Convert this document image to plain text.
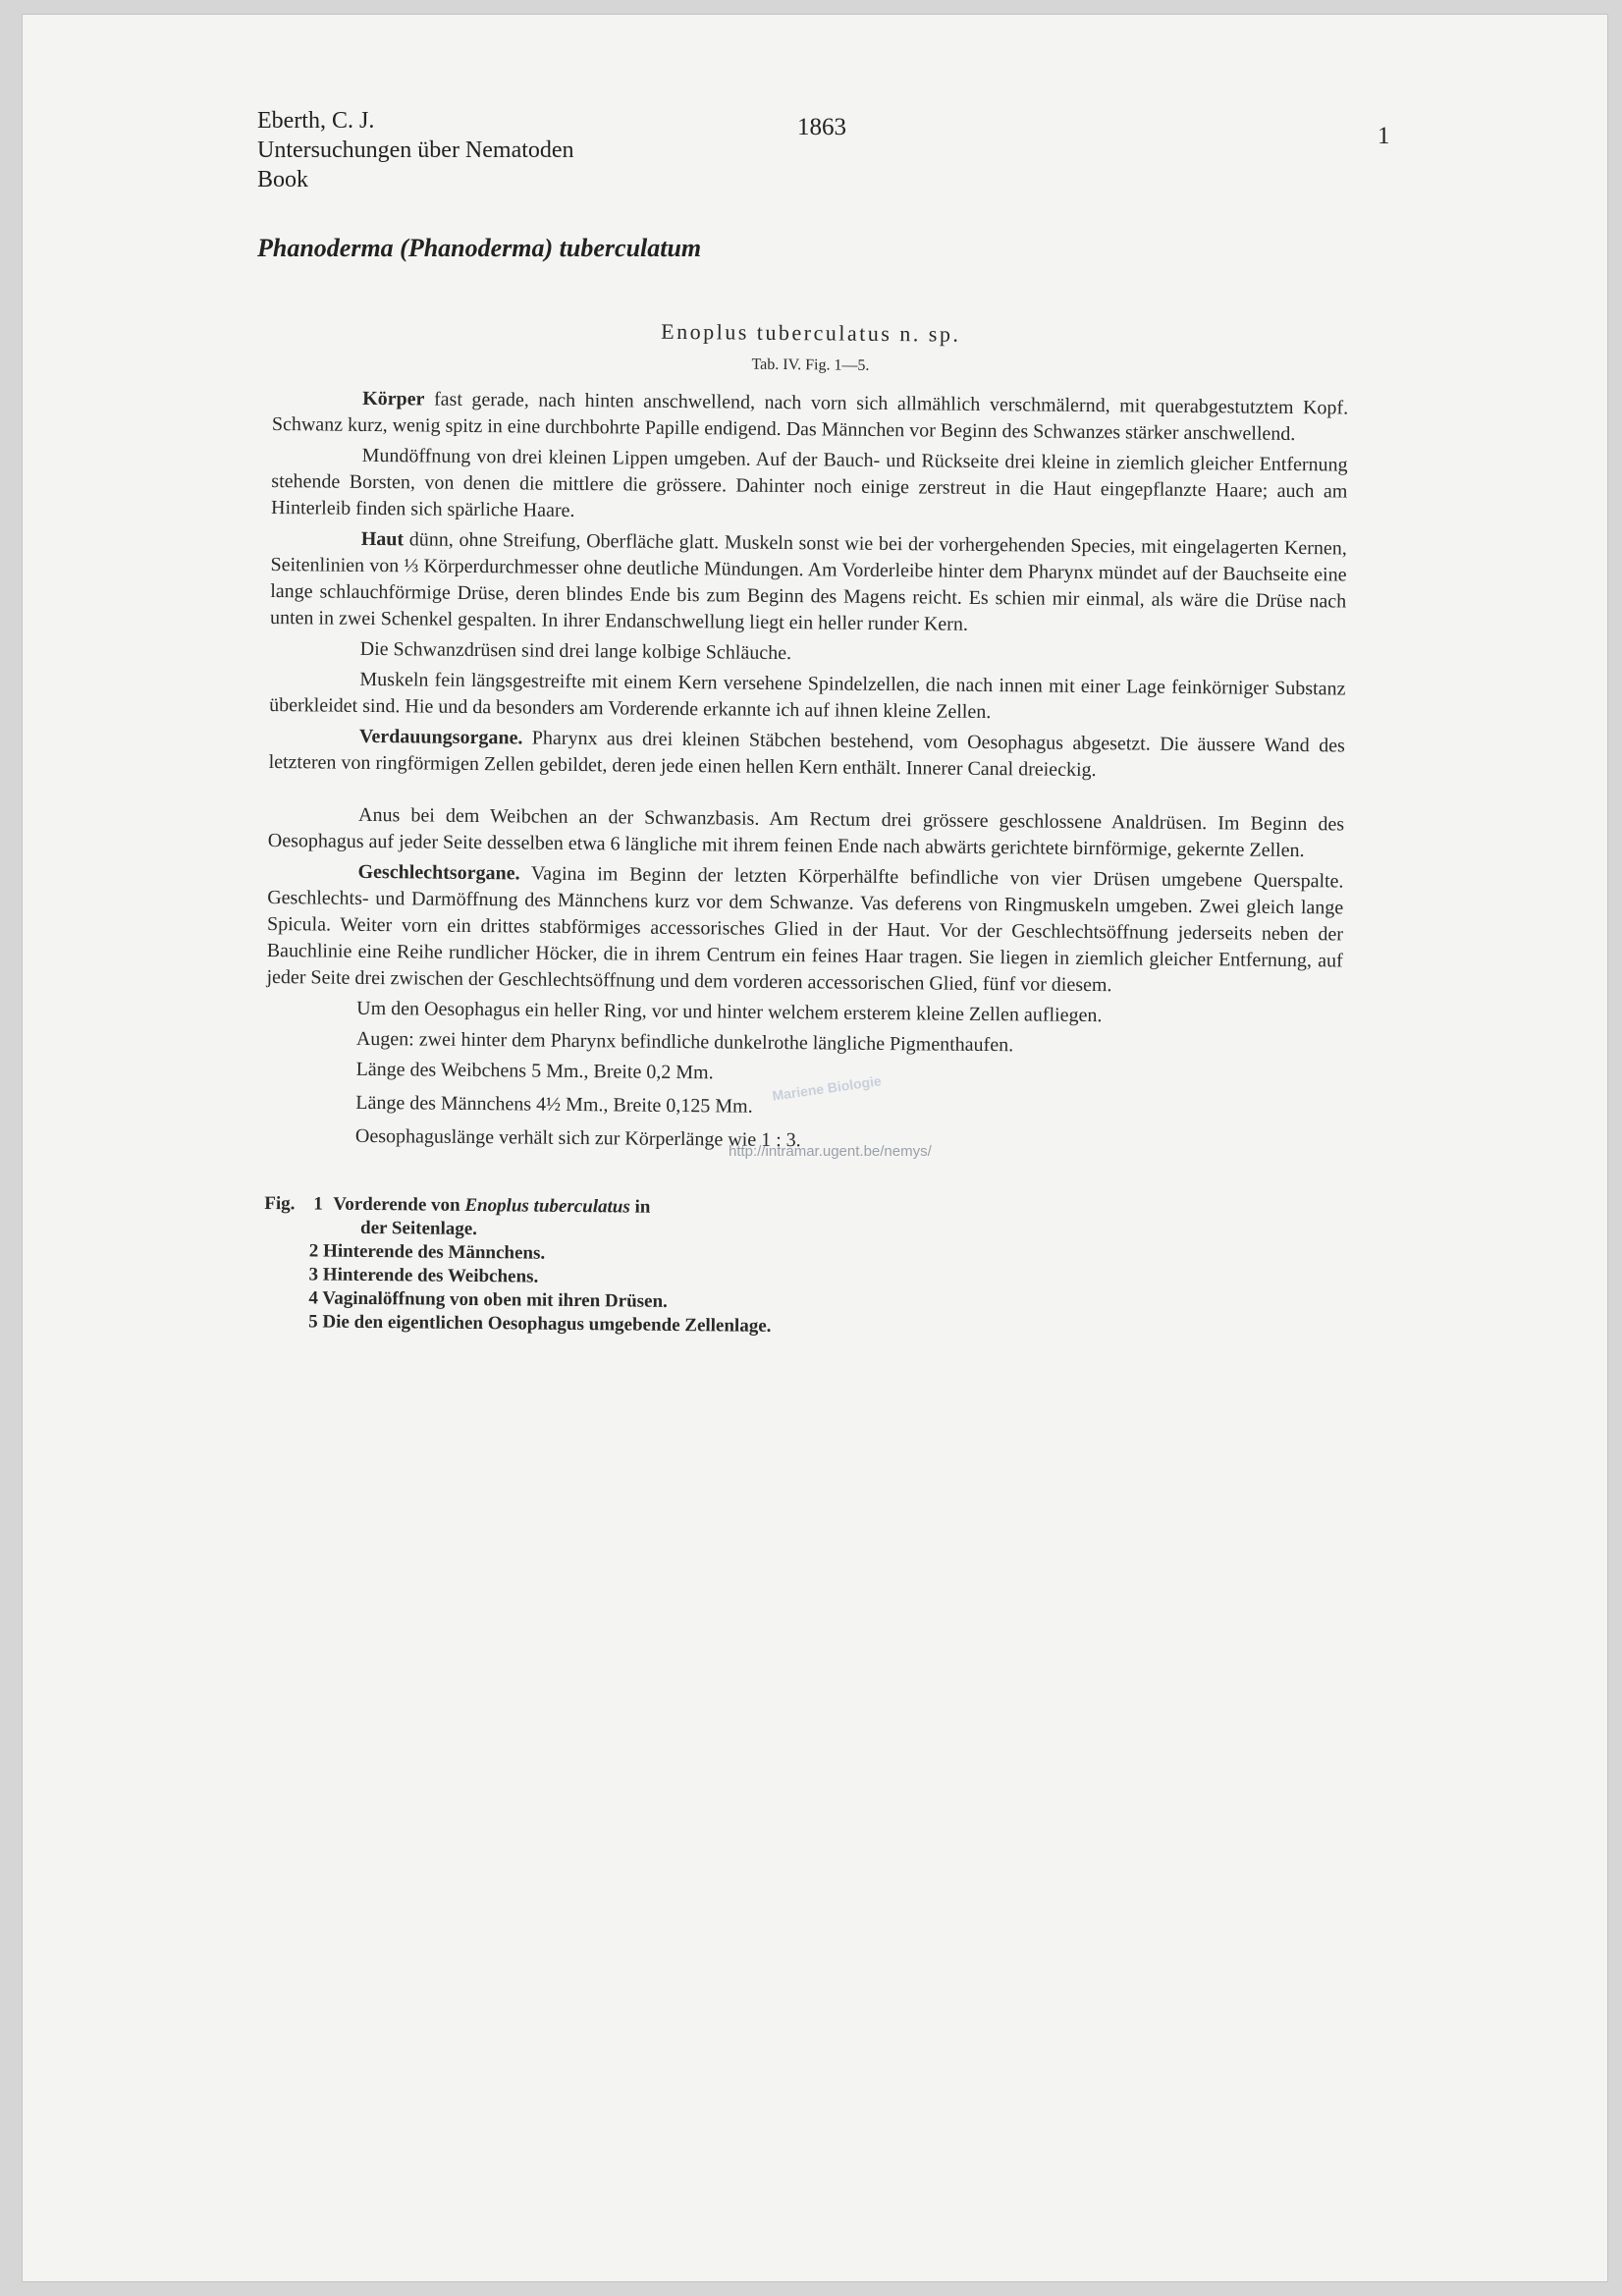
Eberth, C. J.
Untersuchungen über Nematoden
Book
1863	1
Phanoderma (Phanoderma) tuberculatum
Mariene Biologie
http://intramar.ugent.be/nemys/
Enoplus tuberculatus n. sp.
Tab. IV. Fig. 1—5.

Körper fast gerade, nach hinten anschwellend, nach vorn sich allmählich verschmälernd, mit querabgestutztem Kopf. Schwanz kurz, wenig spitz in eine durchbohrte Papille endigend. Das Männchen vor Beginn des Schwanzes stärker anschwellend.

Mundöffnung von drei kleinen Lippen umgeben. Auf der Bauch- und Rückseite drei kleine in ziemlich gleicher Entfernung stehende Borsten, von denen die mittlere die grössere. Dahinter noch einige zerstreut in die Haut eingepflanzte Haare; auch am Hinterleib finden sich spärliche Haare.

Haut dünn, ohne Streifung, Oberfläche glatt. Muskeln sonst wie bei der vorhergehenden Species, mit eingelagerten Kernen, Seitenlinien von ⅓ Körperdurchmesser ohne deutliche Mündungen. Am Vorderleibe hinter dem Pharynx mündet auf der Bauchseite eine lange schlauchförmige Drüse, deren blindes Ende bis zum Beginn des Magens reicht. Es schien mir einmal, als wäre die Drüse nach unten in zwei Schenkel gespalten. In ihrer Endanschwellung liegt ein heller runder Kern.

Die Schwanzdrüsen sind drei lange kolbige Schläuche.

Muskeln fein längsgestreifte mit einem Kern versehene Spindelzellen, die nach innen mit einer Lage feinkörniger Substanz überkleidet sind. Hie und da besonders am Vorderende erkannte ich auf ihnen kleine Zellen.

Verdauungsorgane. Pharynx aus drei kleinen Stäbchen bestehend, vom Oesophagus abgesetzt. Die äussere Wand des letzteren von ringförmigen Zellen gebildet, deren jede einen hellen Kern enthält. Innerer Canal dreieckig.

Anus bei dem Weibchen an der Schwanzbasis. Am Rectum drei grössere geschlossene Analdrüsen. Im Beginn des Oesophagus auf jeder Seite desselben etwa 6 längliche mit ihrem feinen Ende nach abwärts gerichtete birnförmige, gekernte Zellen.

Geschlechtsorgane. Vagina im Beginn der letzten Körperhälfte befindliche von vier Drüsen umgebene Querspalte. Geschlechts- und Darmöffnung des Männchens kurz vor dem Schwanze. Vas deferens von Ringmuskeln umgeben. Zwei gleich lange Spicula. Weiter vorn ein drittes stabförmiges accessorisches Glied in der Haut. Vor der Geschlechtsöffnung jederseits neben der Bauchlinie eine Reihe rundlicher Höcker, die in ihrem Centrum ein feines Haar tragen. Sie liegen in ziemlich gleicher Entfernung, auf jeder Seite drei zwischen der Geschlechtsöffnung und dem vorderen accessorischen Glied, fünf vor diesem.

Um den Oesophagus ein heller Ring, vor und hinter welchem ersterem kleine Zellen aufliegen.

Augen: zwei hinter dem Pharynx befindliche dunkelrothe längliche Pigmenthaufen.

Länge des Weibchens 5 Mm., Breite 0,2 Mm.
Länge des Männchens 4½ Mm., Breite 0,125 Mm.
Oesophaguslänge verhält sich zur Körperlänge wie 1 : 3.
Fig. 1 Vorderende von Enoplus tuberculatus in
der Seitenlage.
2 Hinterende des Männchens.
3 Hinterende des Weibchens.
4 Vaginalöffnung von oben mit ihren Drüsen.
5 Die den eigentlichen Oesophagus umgebende Zellenlage.
